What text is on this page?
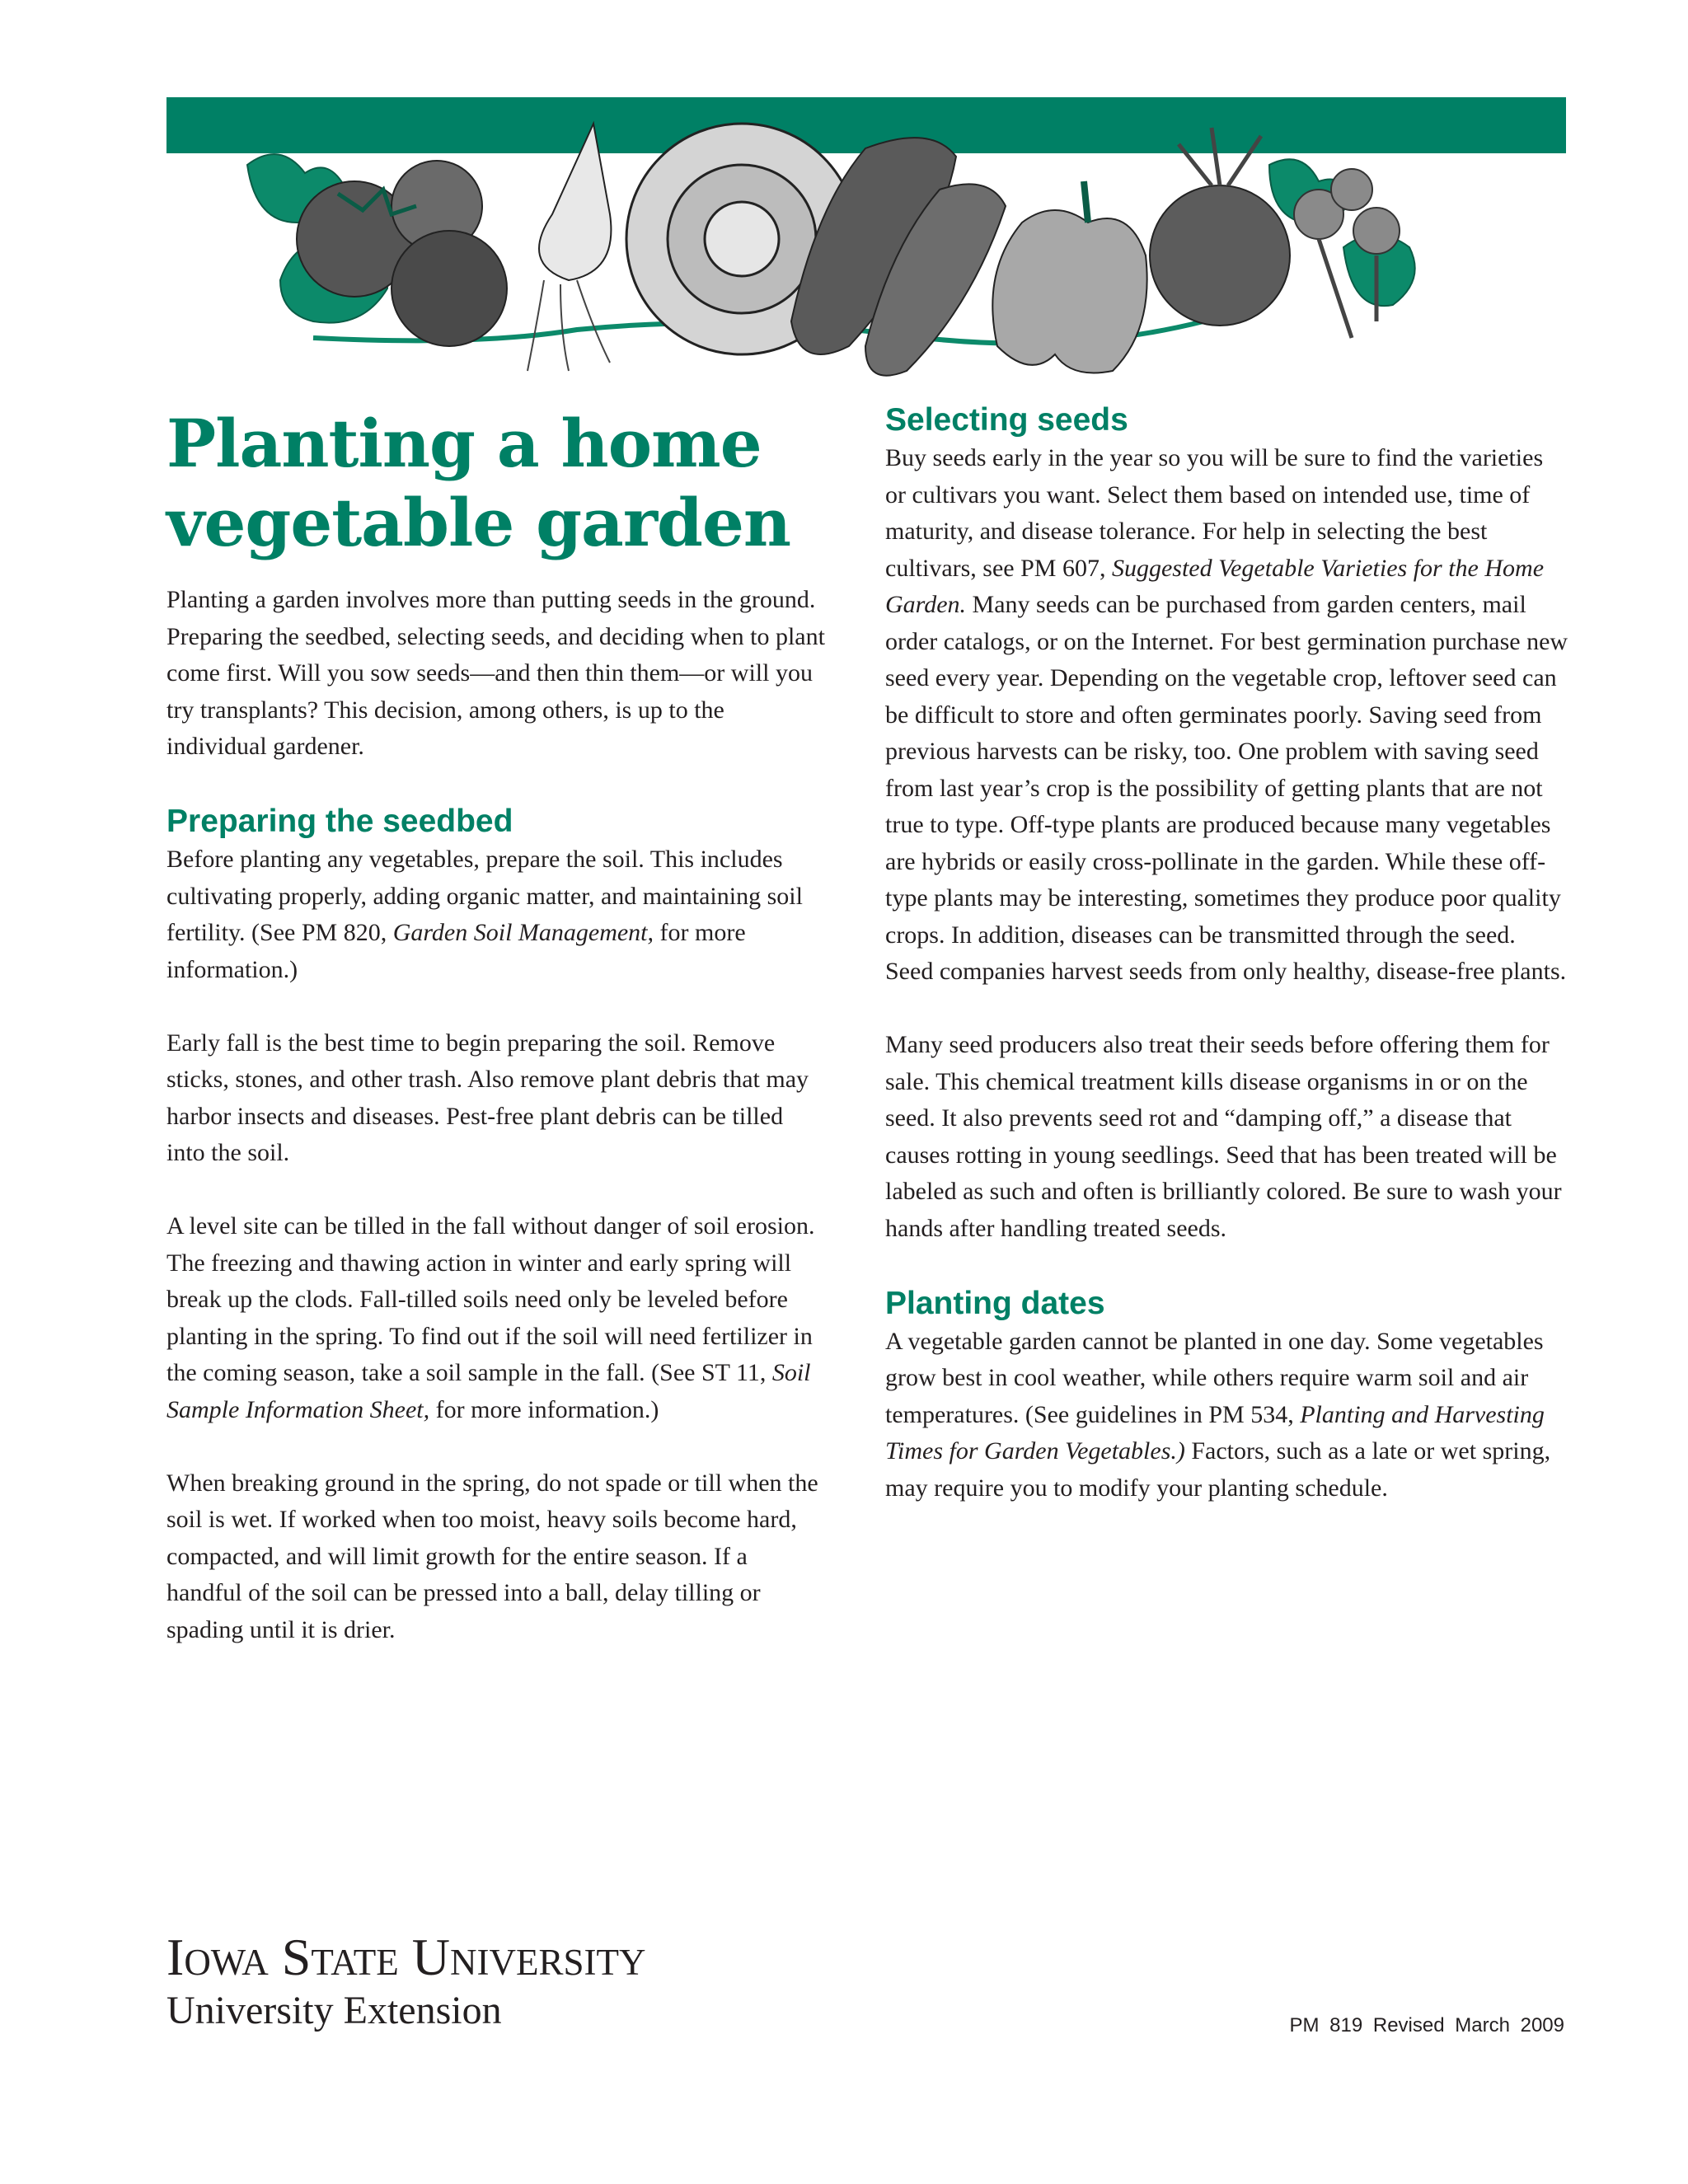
Planting a home vegetable garden

Planting a garden involves more than putting seeds in the ground. Preparing the seedbed, selecting seeds, and deciding when to plant come first. Will you sow seeds—and then thin them—or will you try transplants? This decision, among others, is up to the individual gardener.

Preparing the seedbed

Before planting any vegetables, prepare the soil. This includes cultivating properly, adding organic matter, and maintaining soil fertility. (See PM 820, Garden Soil Management, for more information.)

Early fall is the best time to begin preparing the soil. Remove sticks, stones, and other trash. Also remove plant debris that may harbor insects and diseases. Pest-free plant debris can be tilled into the soil.

A level site can be tilled in the fall without danger of soil erosion. The freezing and thawing action in winter and early spring will break up the clods. Fall-tilled soils need only be leveled before planting in the spring. To find out if the soil will need fertilizer in the coming season, take a soil sample in the fall. (See ST 11, Soil Sample Information Sheet, for more information.)

When breaking ground in the spring, do not spade or till when the soil is wet. If worked when too moist, heavy soils become hard, compacted, and will limit growth for the entire season. If a handful of the soil can be pressed into a ball, delay tilling or spading until it is drier.

Selecting seeds

Buy seeds early in the year so you will be sure to find the varieties or cultivars you want. Select them based on intended use, time of maturity, and disease tolerance. For help in selecting the best cultivars, see PM 607, Suggested Vegetable Varieties for the Home Garden. Many seeds can be purchased from garden centers, mail order catalogs, or on the Internet. For best germination purchase new seed every year. Depending on the vegetable crop, leftover seed can be difficult to store and often germinates poorly. Saving seed from previous harvests can be risky, too. One problem with saving seed from last year’s crop is the possibility of getting plants that are not true to type. Off-type plants are produced because many vegetables are hybrids or easily cross-pollinate in the garden. While these off-type plants may be interesting, sometimes they produce poor quality crops. In addition, diseases can be transmitted through the seed. Seed companies harvest seeds from only healthy, disease-free plants.

Many seed producers also treat their seeds before offering them for sale. This chemical treatment kills disease organisms in or on the seed. It also prevents seed rot and “damping off,” a disease that causes rotting in young seedlings. Seed that has been treated will be labeled as such and often is brilliantly colored. Be sure to wash your hands after handling treated seeds.

Planting dates

A vegetable garden cannot be planted in one day. Some vegetables grow best in cool weather, while others require warm soil and air temperatures. (See guidelines in PM 534, Planting and Harvesting Times for Garden Vegetables.) Factors, such as a late or wet spring, may require you to modify your planting schedule.

Iowa State University
University Extension	PM 819 Revised March 2009
